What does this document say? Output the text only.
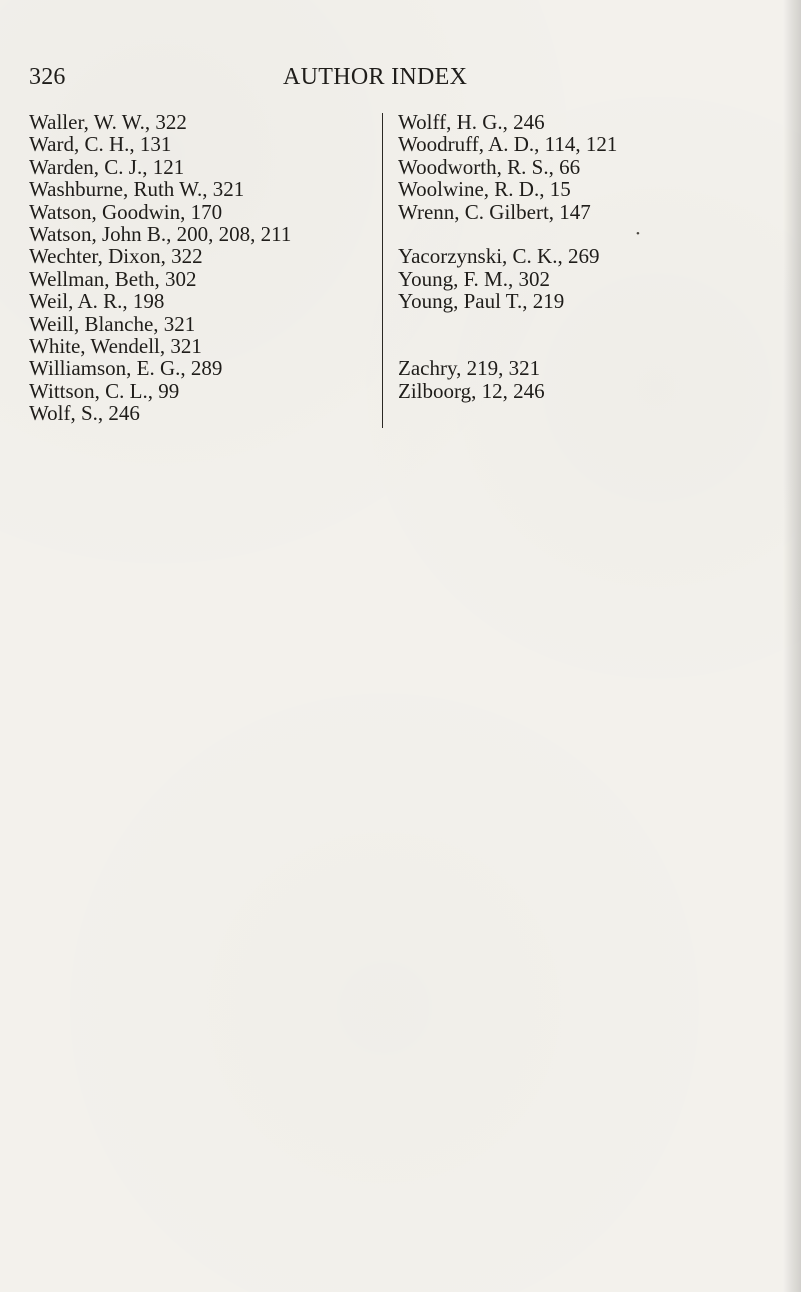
326	AUTHOR INDEX
Waller, W. W., 322
Ward, C. H., 131
Warden, C. J., 121
Washburne, Ruth W., 321
Watson, Goodwin, 170
Watson, John B., 200, 208, 211
Wechter, Dixon, 322
Wellman, Beth, 302
Weil, A. R., 198
Weill, Blanche, 321
White, Wendell, 321
Williamson, E. G., 289
Wittson, C. L., 99
Wolf, S., 246
Wolff, H. G., 246
Woodruff, A. D., 114, 121
Woodworth, R. S., 66
Woolwine, R. D., 15
Wrenn, C. Gilbert, 147
•
Yacorzynski, C. K., 269
Young, F. M., 302
Young, Paul T., 219
Zachry, 219, 321
Zilboorg, 12, 246
